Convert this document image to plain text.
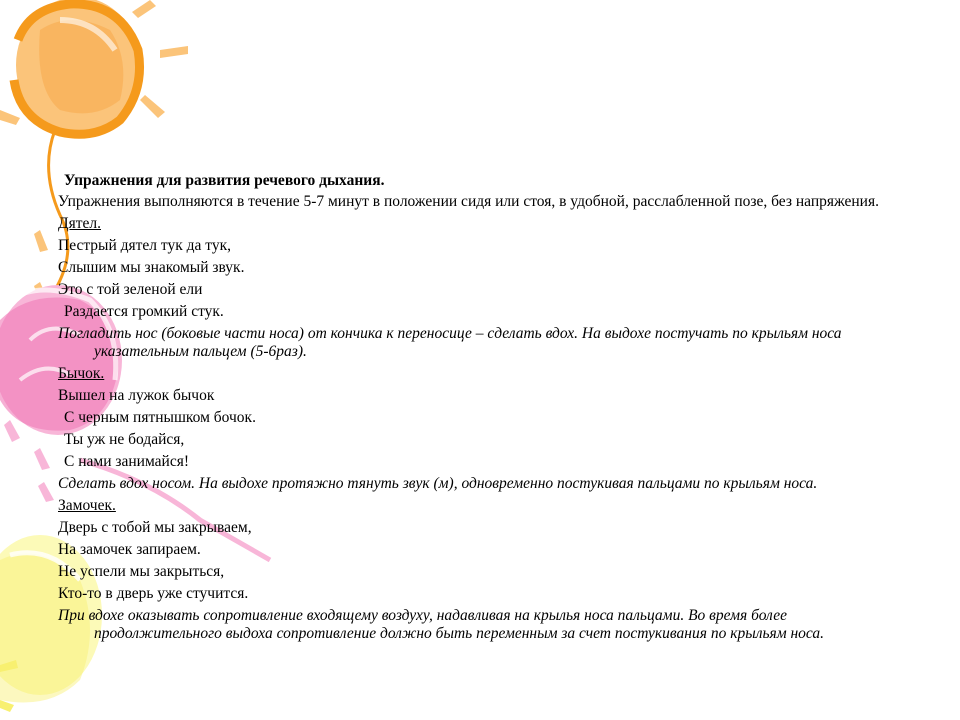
Упражнения для развития речевого дыхания.

Упражнения выполняются в течение 5-7 минут в положении сидя или стоя, в удобной, расслабленной позе, без напряжения.

Дятел.

Пестрый дятел тук да тук,

Слышим мы знакомый звук.

Это с той зеленой ели

Раздается громкий стук.

Погладить нос (боковые части носа) от кончика к переносице – сделать вдох. На выдохе постучать по крыльям носа указательным пальцем (5-6раз).

Бычок.

Вышел на лужок бычок

С черным пятнышком бочок.

Ты уж не бодайся,

С нами занимайся!

Сделать вдох носом. На выдохе протяжно тянуть звук (м), одновременно постукивая пальцами по крыльям носа.

Замочек.

Дверь с тобой мы закрываем,

На замочек запираем.

Не успели мы закрыться,

Кто-то в дверь уже стучится.

При вдохе оказывать сопротивление входящему воздуху, надавливая на крылья носа пальцами. Во время более продолжительного выдоха сопротивление должно быть переменным за счет постукивания по крыльям носа.
